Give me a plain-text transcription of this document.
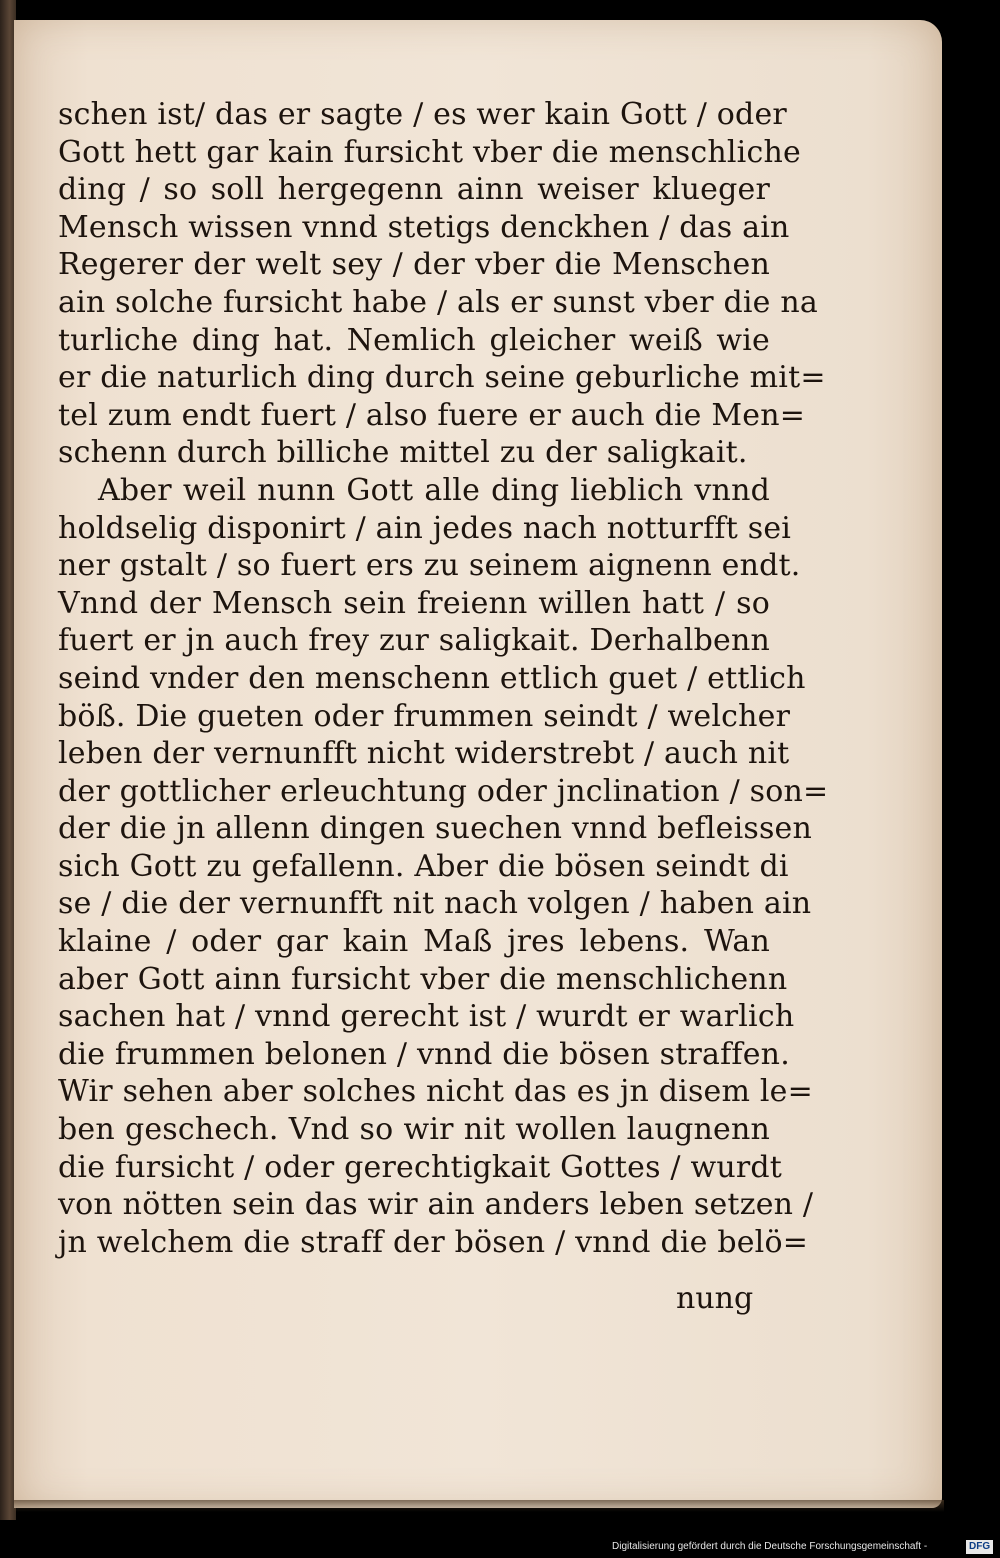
schen ist/ das er sagte / es wer kain Gott / oder
Gott hett gar kain fursicht vber die menschliche
ding / so soll hergegenn ainn weiser klueger
Mensch wissen vnnd stetigs denckhen / das ain
Regerer der welt sey / der vber die Menschen
ain solche fursicht habe / als er sunst vber die na
turliche ding hat. Nemlich gleicher weiß wie
er die naturlich ding durch seine geburliche mit=
tel zum endt fuert / also fuere er auch die Men=
schenn durch billiche mittel zu der saligkait.
Aber weil nunn Gott alle ding lieblich vnnd
holdselig disponirt / ain jedes nach notturfft sei
ner gstalt / so fuert ers zu seinem aignenn endt.
Vnnd der Mensch sein freienn willen hatt / so
fuert er jn auch frey zur saligkait. Derhalbenn
seind vnder den menschenn ettlich guet / ettlich
böß. Die gueten oder frummen seindt / welcher
leben der vernunfft nicht widerstrebt / auch nit
der gottlicher erleuchtung oder jnclination / son=
der die jn allenn dingen suechen vnnd befleissen
sich Gott zu gefallenn. Aber die bösen seindt di
se / die der vernunfft nit nach volgen / haben ain
klaine / oder gar kain Maß jres lebens. Wan
aber Gott ainn fursicht vber die menschlichenn
sachen hat / vnnd gerecht ist / wurdt er warlich
die frummen belonen / vnnd die bösen straffen.
Wir sehen aber solches nicht das es jn disem le=
ben geschech. Vnd so wir nit wollen laugnenn
die fursicht / oder gerechtigkait Gottes / wurdt
von nötten sein das wir ain anders leben setzen /
jn welchem die straff der bösen / vnnd die belö=
nung
Digitalisierung gefördert durch die Deutsche Forschungsgemeinschaft -	DFG
